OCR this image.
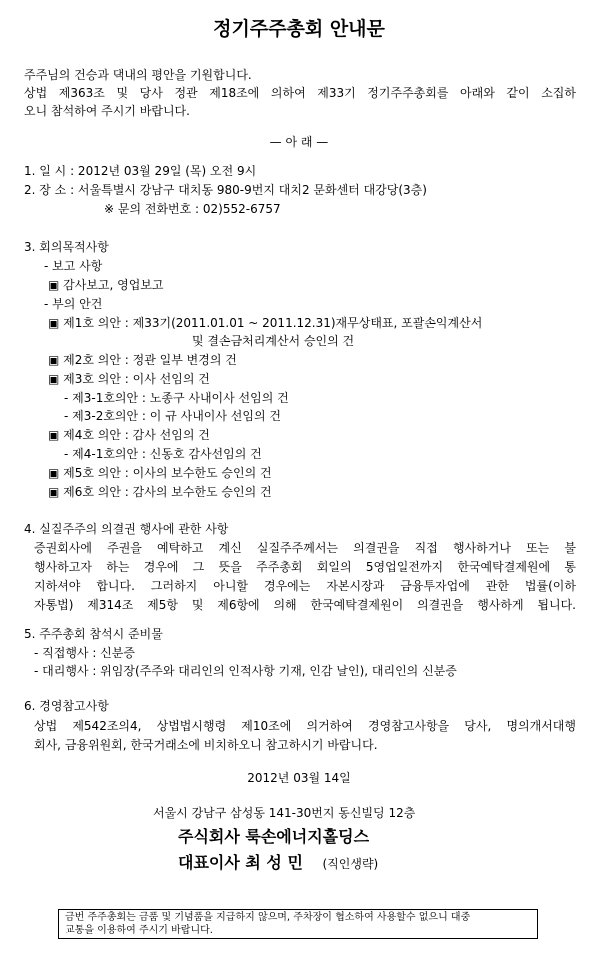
정기주주총회 안내문
주주님의 건승과 댁내의 평안을 기원합니다.
상법 제363조 및 당사 정관 제18조에 의하여 제33기 정기주주총회를 아래와 같이 소집하
오니 참석하여 주시기 바랍니다.
— 아 래 —
1. 일 시 : 2012년 03월 29일 (목) 오전 9시
2. 장 소 : 서울특별시 강남구 대치동 980-9번지 대치2 문화센터 대강당(3층)
※ 문의 전화번호 : 02)552-6757
3. 회의목적사항
- 보고 사항
▣ 감사보고, 영업보고
- 부의 안건
▣ 제1호 의안 : 제33기(2011.01.01 ~ 2011.12.31)재무상태표, 포괄손익계산서
및 결손금처리계산서 승인의 건
▣ 제2호 의안 : 정관 일부 변경의 건
▣ 제3호 의안 : 이사 선임의 건
- 제3-1호의안 : 노종구 사내이사 선임의 건
- 제3-2호의안 : 이 규 사내이사 선임의 건
▣ 제4호 의안 : 감사 선임의 건
- 제4-1호의안 : 신동호 감사선임의 건
▣ 제5호 의안 : 이사의 보수한도 승인의 건
▣ 제6호 의안 : 감사의 보수한도 승인의 건
4. 실질주주의 의결권 행사에 관한 사항
증권회사에 주권을 예탁하고 계신 실질주주께서는 의결권을 직접 행사하거나 또는 불
행사하고자 하는 경우에 그 뜻을 주주총회 회일의 5영업일전까지 한국예탁결제원에 통
지하셔야 합니다. 그러하지 아니할 경우에는 자본시장과 금융투자업에 관한 법률(이하
자통법) 제314조 제5항 및 제6항에 의해 한국예탁결제원이 의결권을 행사하게 됩니다.
5. 주주총회 참석시 준비물
- 직접행사 : 신분증
- 대리행사 : 위임장(주주와 대리인의 인적사항 기재, 인감 날인), 대리인의 신분증
6. 경영참고사항
상법 제542조의4, 상법법시행령 제10조에 의거하여 경영참고사항을 당사, 명의개서대행
회사, 금융위원회, 한국거래소에 비치하오니 참고하시기 바랍니다.
2012년 03월 14일
서울시 강남구 삼성동 141-30번지 동신빌딩 12층
주식회사 룩손에너지홀딩스
대표이사 최 성 민 (직인생략)
금번 주주총회는 금품 및 기념품을 지급하지 않으며, 주차장이 협소하여 사용할수 없으니 대중
교통을 이용하여 주시기 바랍니다.
